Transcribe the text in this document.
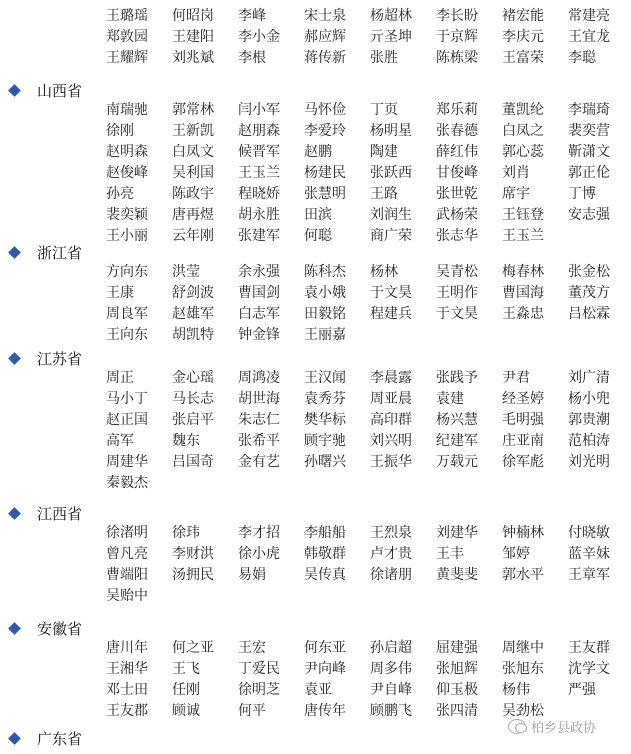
王璐瑶	何昭岗	李峰	宋士泉	杨超林	李长盼	褚宏能	常建亮
郑敦园	王建阳	李小金	郝应辉	亓圣坤	于京辉	李庆元	王宜龙
王耀辉	刘兆斌	李根	蒋传新	张胜	陈栋梁	王富荣	李聪
山西省
南瑞驰	郭常林	闫小军	马怀俭	丁页	郑乐莉	董凯纶	李瑞琦
徐刚	王新凯	赵朋森	李爱玲	杨明星	张春德	白凤之	裴奕营
赵明森	白凤文	候晋军	赵鹏	陶建	薛红伟	郭心蕊	靳潇文
赵俊峰	吴利国	王玉兰	杨建民	张跃西	甘俊峰	刘肖	郭正伦
孙亮	陈政宇	程晓娇	张慧明	王路	张世乾	席宇	丁博
裴奕颖	唐再煜	胡永胜	田滨	刘润生	武杨荣	王钰登	安志强
王小丽	云年刚	张建军	何聪	商广荣	张志华	王玉兰
浙江省
方向东	洪莹	余永强	陈科杰	杨林	吴青松	梅春林	张金松
王康	舒剑波	曹国剑	袁小娥	于文昊	王明作	曹国海	董茂方
周良军	赵雄军	白志军	田毅铭	程建兵	于文昊	王淼忠	吕松霖
王向东	胡凯特	钟金锋	王丽嘉
江苏省
周正	金心瑶	周鸿凌	王汉闻	李晨露	张践予	尹君	刘广清
马小丁	马长志	胡世海	袁秀芬	周亚晨	袁建	经圣婷	杨小兜
赵正国	张启平	朱志仁	樊华标	高印群	杨兴慧	毛明强	郭贵潮
高军	魏东	张希平	顾宇驰	刘兴明	纪建军	庄亚南	范柏涛
周建华	吕国奇	金有艺	孙曙兴	王振华	万载元	徐军彪	刘光明
秦毅杰
江西省
徐渚明	徐玮	李才招	李船船	王烈泉	刘建华	钟楠林	付晓敏
曾凡亮	李财洪	徐小虎	韩敬群	卢才贵	王丰	邹婷	蓝辛妹
曹端阳	汤拥民	易娟	吴传真	徐诸朋	黄斐斐	郭水平	王章军
吴贻中
安徽省
唐川年	何之亚	王宏	何东亚	孙启超	屈建强	周继中	王友群
王湘华	王飞	丁爱民	尹向峰	周多伟	张旭辉	张旭东	沈学文
邓士田	任刚	徐明芝	袁亚	尹自峰	仰玉极	杨伟	严强
王友郡	顾诚	何平	唐传年	顾鹏飞	张四清	吴劲松
广东省
柏乡县政协
